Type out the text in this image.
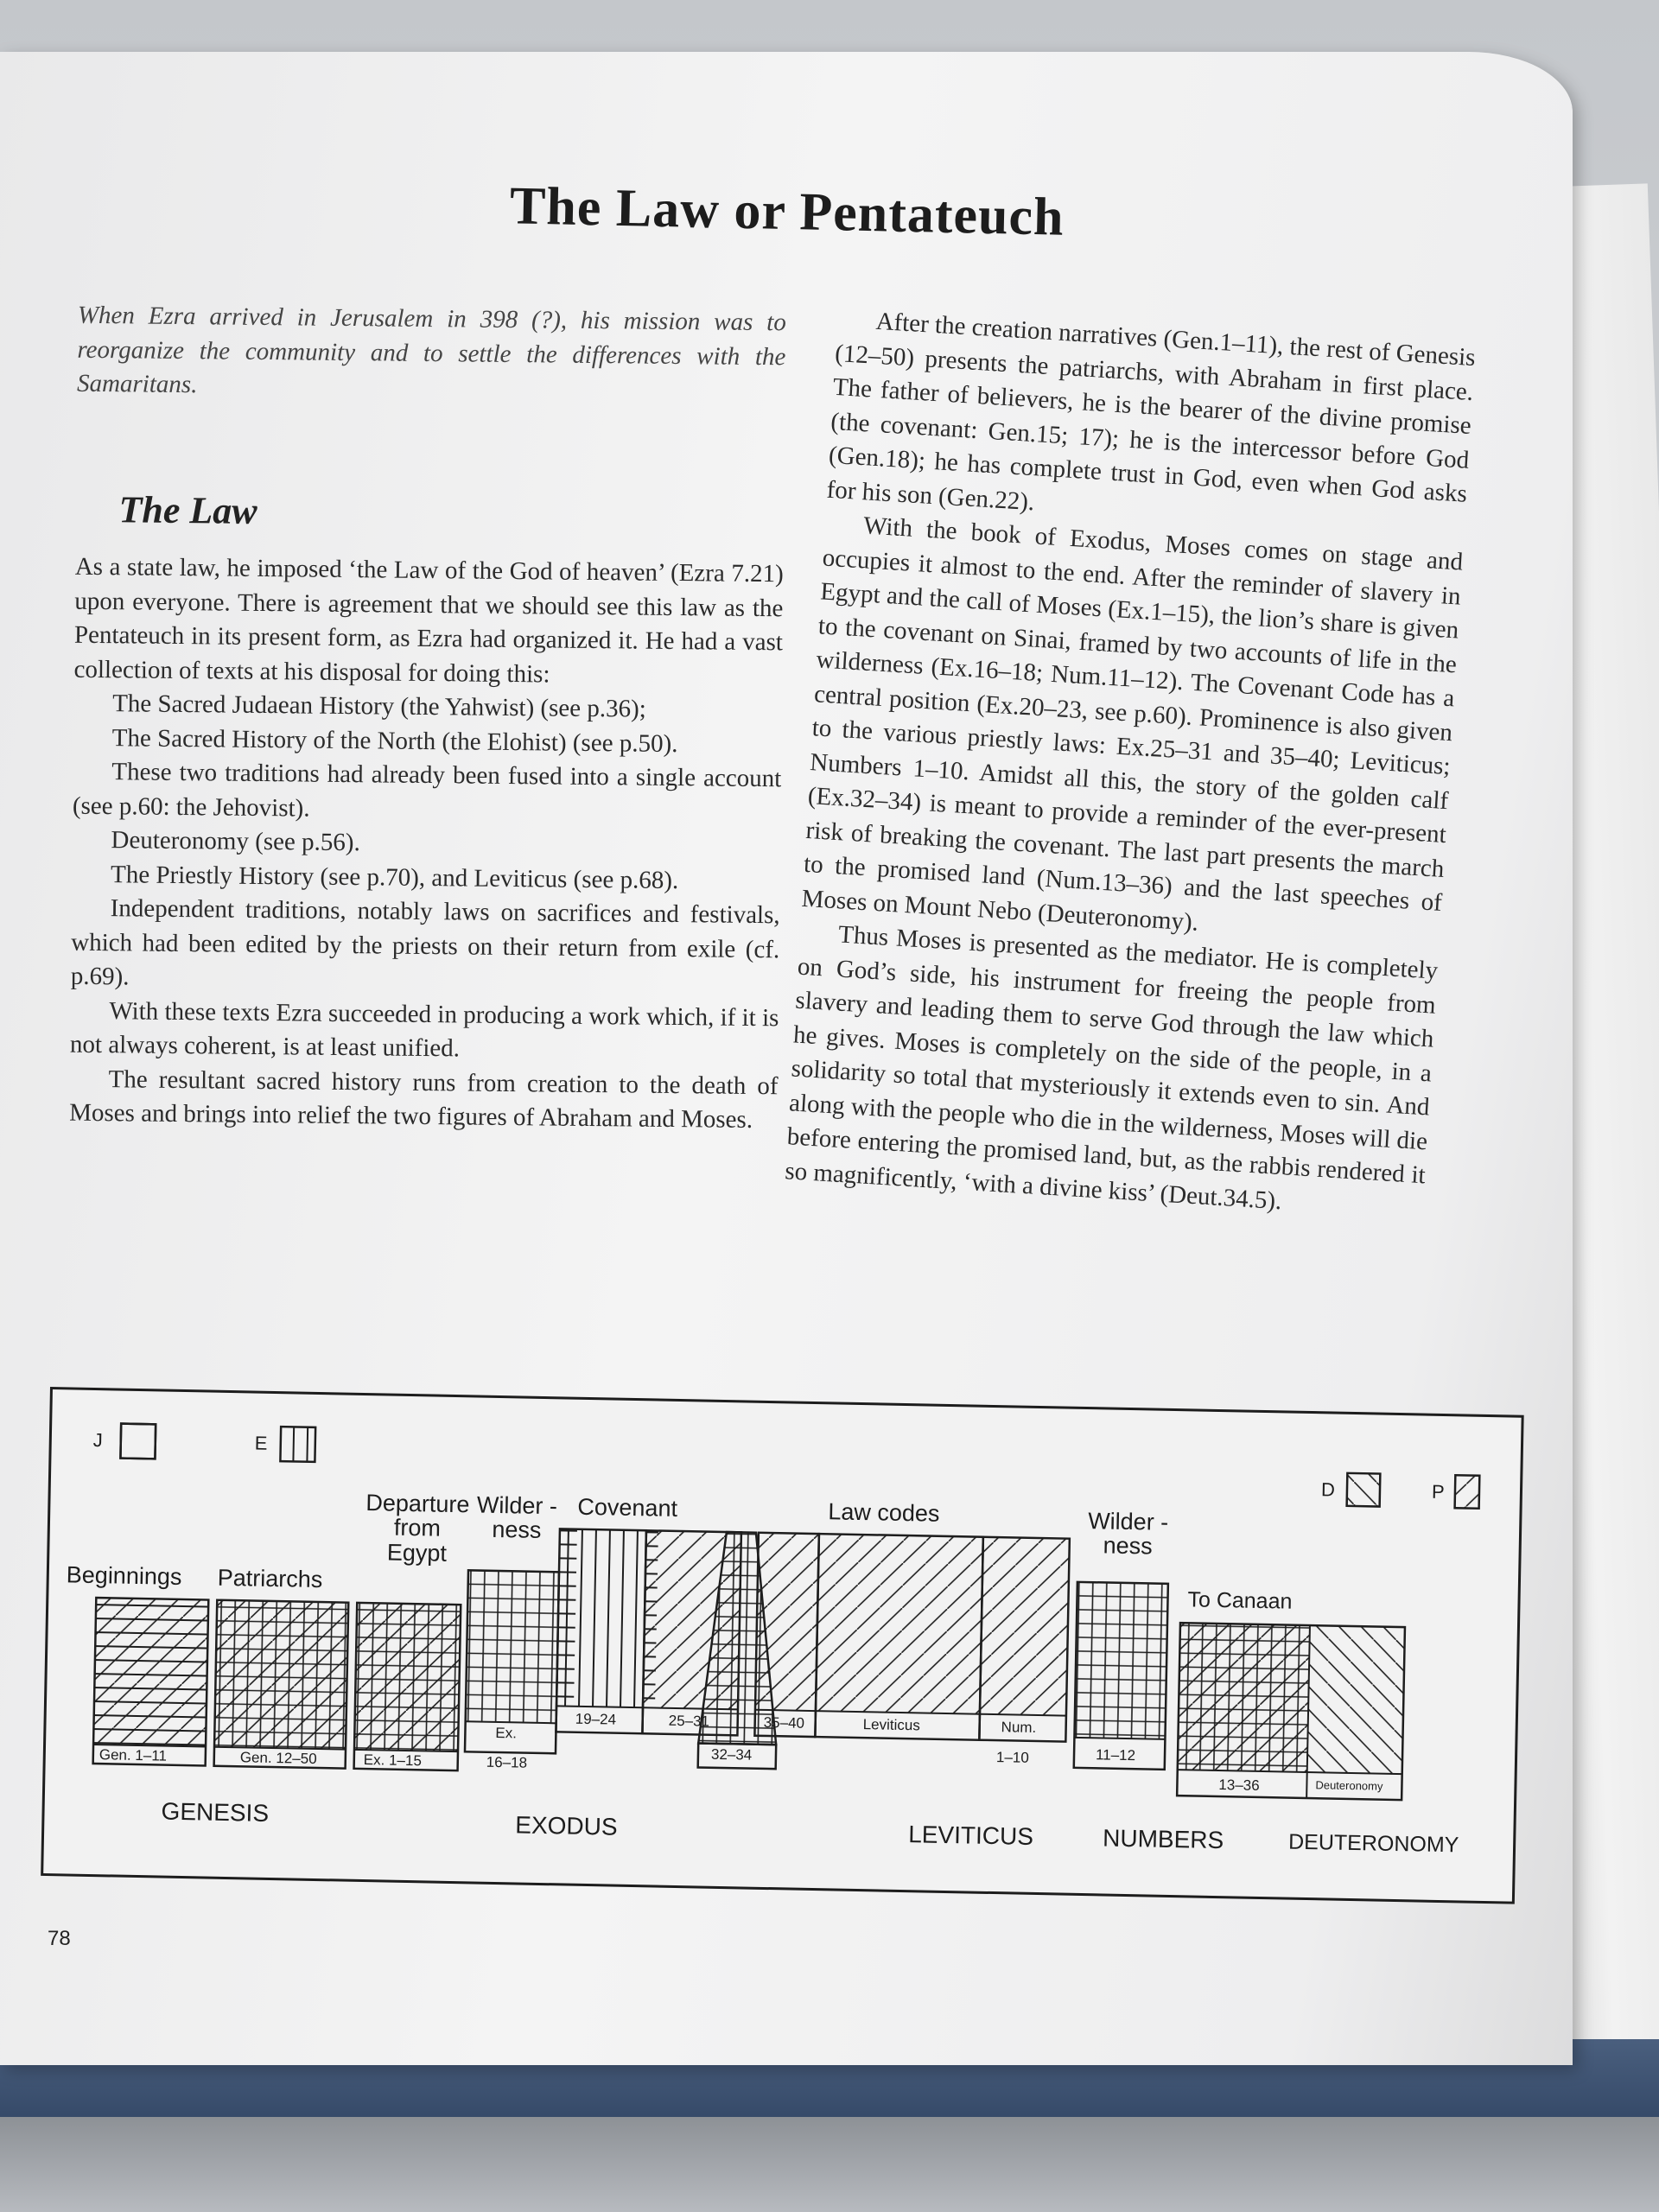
The Law or Pentateuch

When Ezra arrived in Jerusalem in 398 (?), his mission was to reorganize the community and to settle the differences with the Samaritans.

The Law

As a state law, he imposed ‘the Law of the God of heaven’ (Ezra 7.21) upon everyone. There is agreement that we should see this law as the Pentateuch in its present form, as Ezra had organized it. He had a vast collection of texts at his disposal for doing this:

The Sacred Judaean History (the Yahwist) (see p.36);

The Sacred History of the North (the Elohist) (see p.50).

These two traditions had already been fused into a single account (see p.60: the Jehovist).

Deuteronomy (see p.56).

The Priestly History (see p.70), and Leviticus (see p.68).

Independent traditions, notably laws on sacrifices and festivals, which had been edited by the priests on their return from exile (cf. p.69).

With these texts Ezra succeeded in producing a work which, if it is not always coherent, is at least unified.

The resultant sacred history runs from creation to the death of Moses and brings into relief the two figures of Abraham and Moses.

After the creation narratives (Gen.1–11), the rest of Genesis (12–50) presents the patriarchs, with Abraham in first place. The father of believers, he is the bearer of the divine promise (the covenant: Gen.15; 17); he is the intercessor before God (Gen.18); he has complete trust in God, even when God asks for his son (Gen.22).

With the book of Exodus, Moses comes on stage and occupies it almost to the end. After the reminder of slavery in Egypt and the call of Moses (Ex.1–15), the lion’s share is given to the covenant on Sinai, framed by two accounts of life in the wilderness (Ex.16–18; Num.11–12). The Covenant Code has a central position (Ex.20–23, see p.60). Prominence is also given to the various priestly laws: Ex.25–31 and 35–40; Leviticus; Numbers 1–10. Amidst all this, the story of the golden calf (Ex.32–34) is meant to provide a reminder of the ever-present risk of breaking the covenant. The last part presents the march to the promised land (Num.13–36) and the last speeches of Moses on Mount Nebo (Deuteronomy).

Thus Moses is presented as the mediator. He is completely on God’s side, his instrument for freeing the people from slavery and leading them to serve God through the law which he gives. Moses is completely on the side of the people, in a solidarity so total that mysteriously it extends even to sin. And along with the people who die in the wilderness, Moses will die before entering the promised land, but, as the rabbis rendered it so magnificently, ‘with a divine kiss’ (Deut.34.5).

J	E
D	P
Beginnings Patriarchs
Departure
from
Egypt
Wilder -
ness
Covenant	Law codes	Wilder -
ness
To Canaan
Gen. 1–11	Gen. 12–50	Ex. 1–15
Ex.
16–18
19–24	25–31
32–34
35–40	Leviticus	Num.
1–10	11–12
13–36	Deuteronomy
GENESIS	EXODUS	LEVITICUS	NUMBERS	DEUTERONOMY
78
